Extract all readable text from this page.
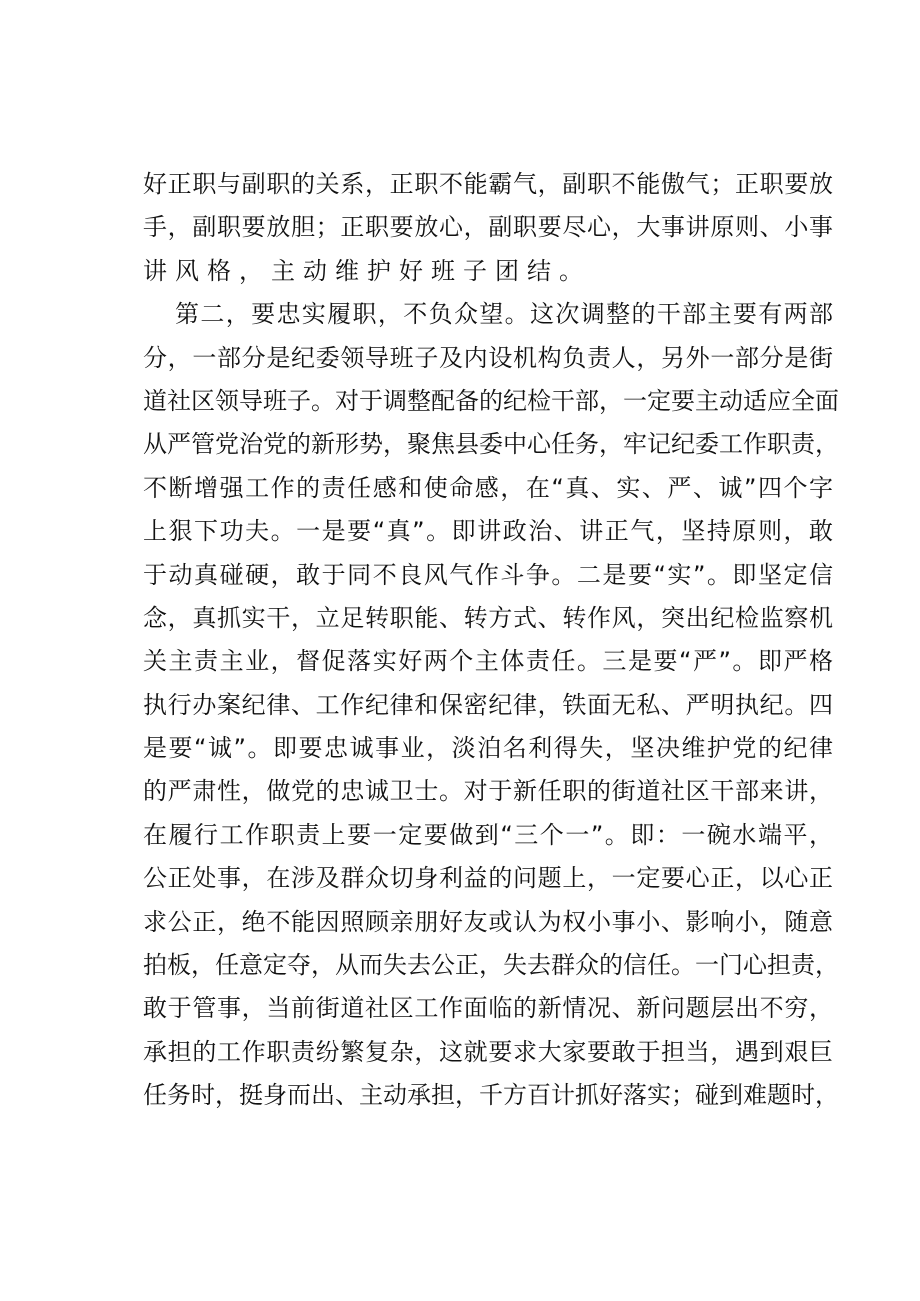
好正职与副职的关系，正职不能霸气，副职不能傲气；正职要放
手，副职要放胆；正职要放心，副职要尽心，大事讲原则、小事
讲风格，主动维护好班子团结。
第二，要忠实履职，不负众望。这次调整的干部主要有两部
分，一部分是纪委领导班子及内设机构负责人，另外一部分是街
道社区领导班子。对于调整配备的纪检干部，一定要主动适应全面
从严管党治党的新形势，聚焦县委中心任务，牢记纪委工作职责，
不断增强工作的责任感和使命感，在“真、实、严、诚”四个字
上狠下功夫。一是要“真”。即讲政治、讲正气，坚持原则，敢
于动真碰硬，敢于同不良风气作斗争。二是要“实”。即坚定信
念，真抓实干，立足转职能、转方式、转作风，突出纪检监察机
关主责主业，督促落实好两个主体责任。三是要“严”。即严格
执行办案纪律、工作纪律和保密纪律，铁面无私、严明执纪。四
是要“诚”。即要忠诚事业，淡泊名利得失，坚决维护党的纪律
的严肃性，做党的忠诚卫士。对于新任职的街道社区干部来讲，
在履行工作职责上要一定要做到“三个一”。即：一碗水端平，
公正处事，在涉及群众切身利益的问题上，一定要心正，以心正
求公正，绝不能因照顾亲朋好友或认为权小事小、影响小，随意
拍板，任意定夺，从而失去公正，失去群众的信任。一门心担责，
敢于管事，当前街道社区工作面临的新情况、新问题层出不穷，
承担的工作职责纷繁复杂，这就要求大家要敢于担当，遇到艰巨
任务时，挺身而出、主动承担，千方百计抓好落实；碰到难题时，
